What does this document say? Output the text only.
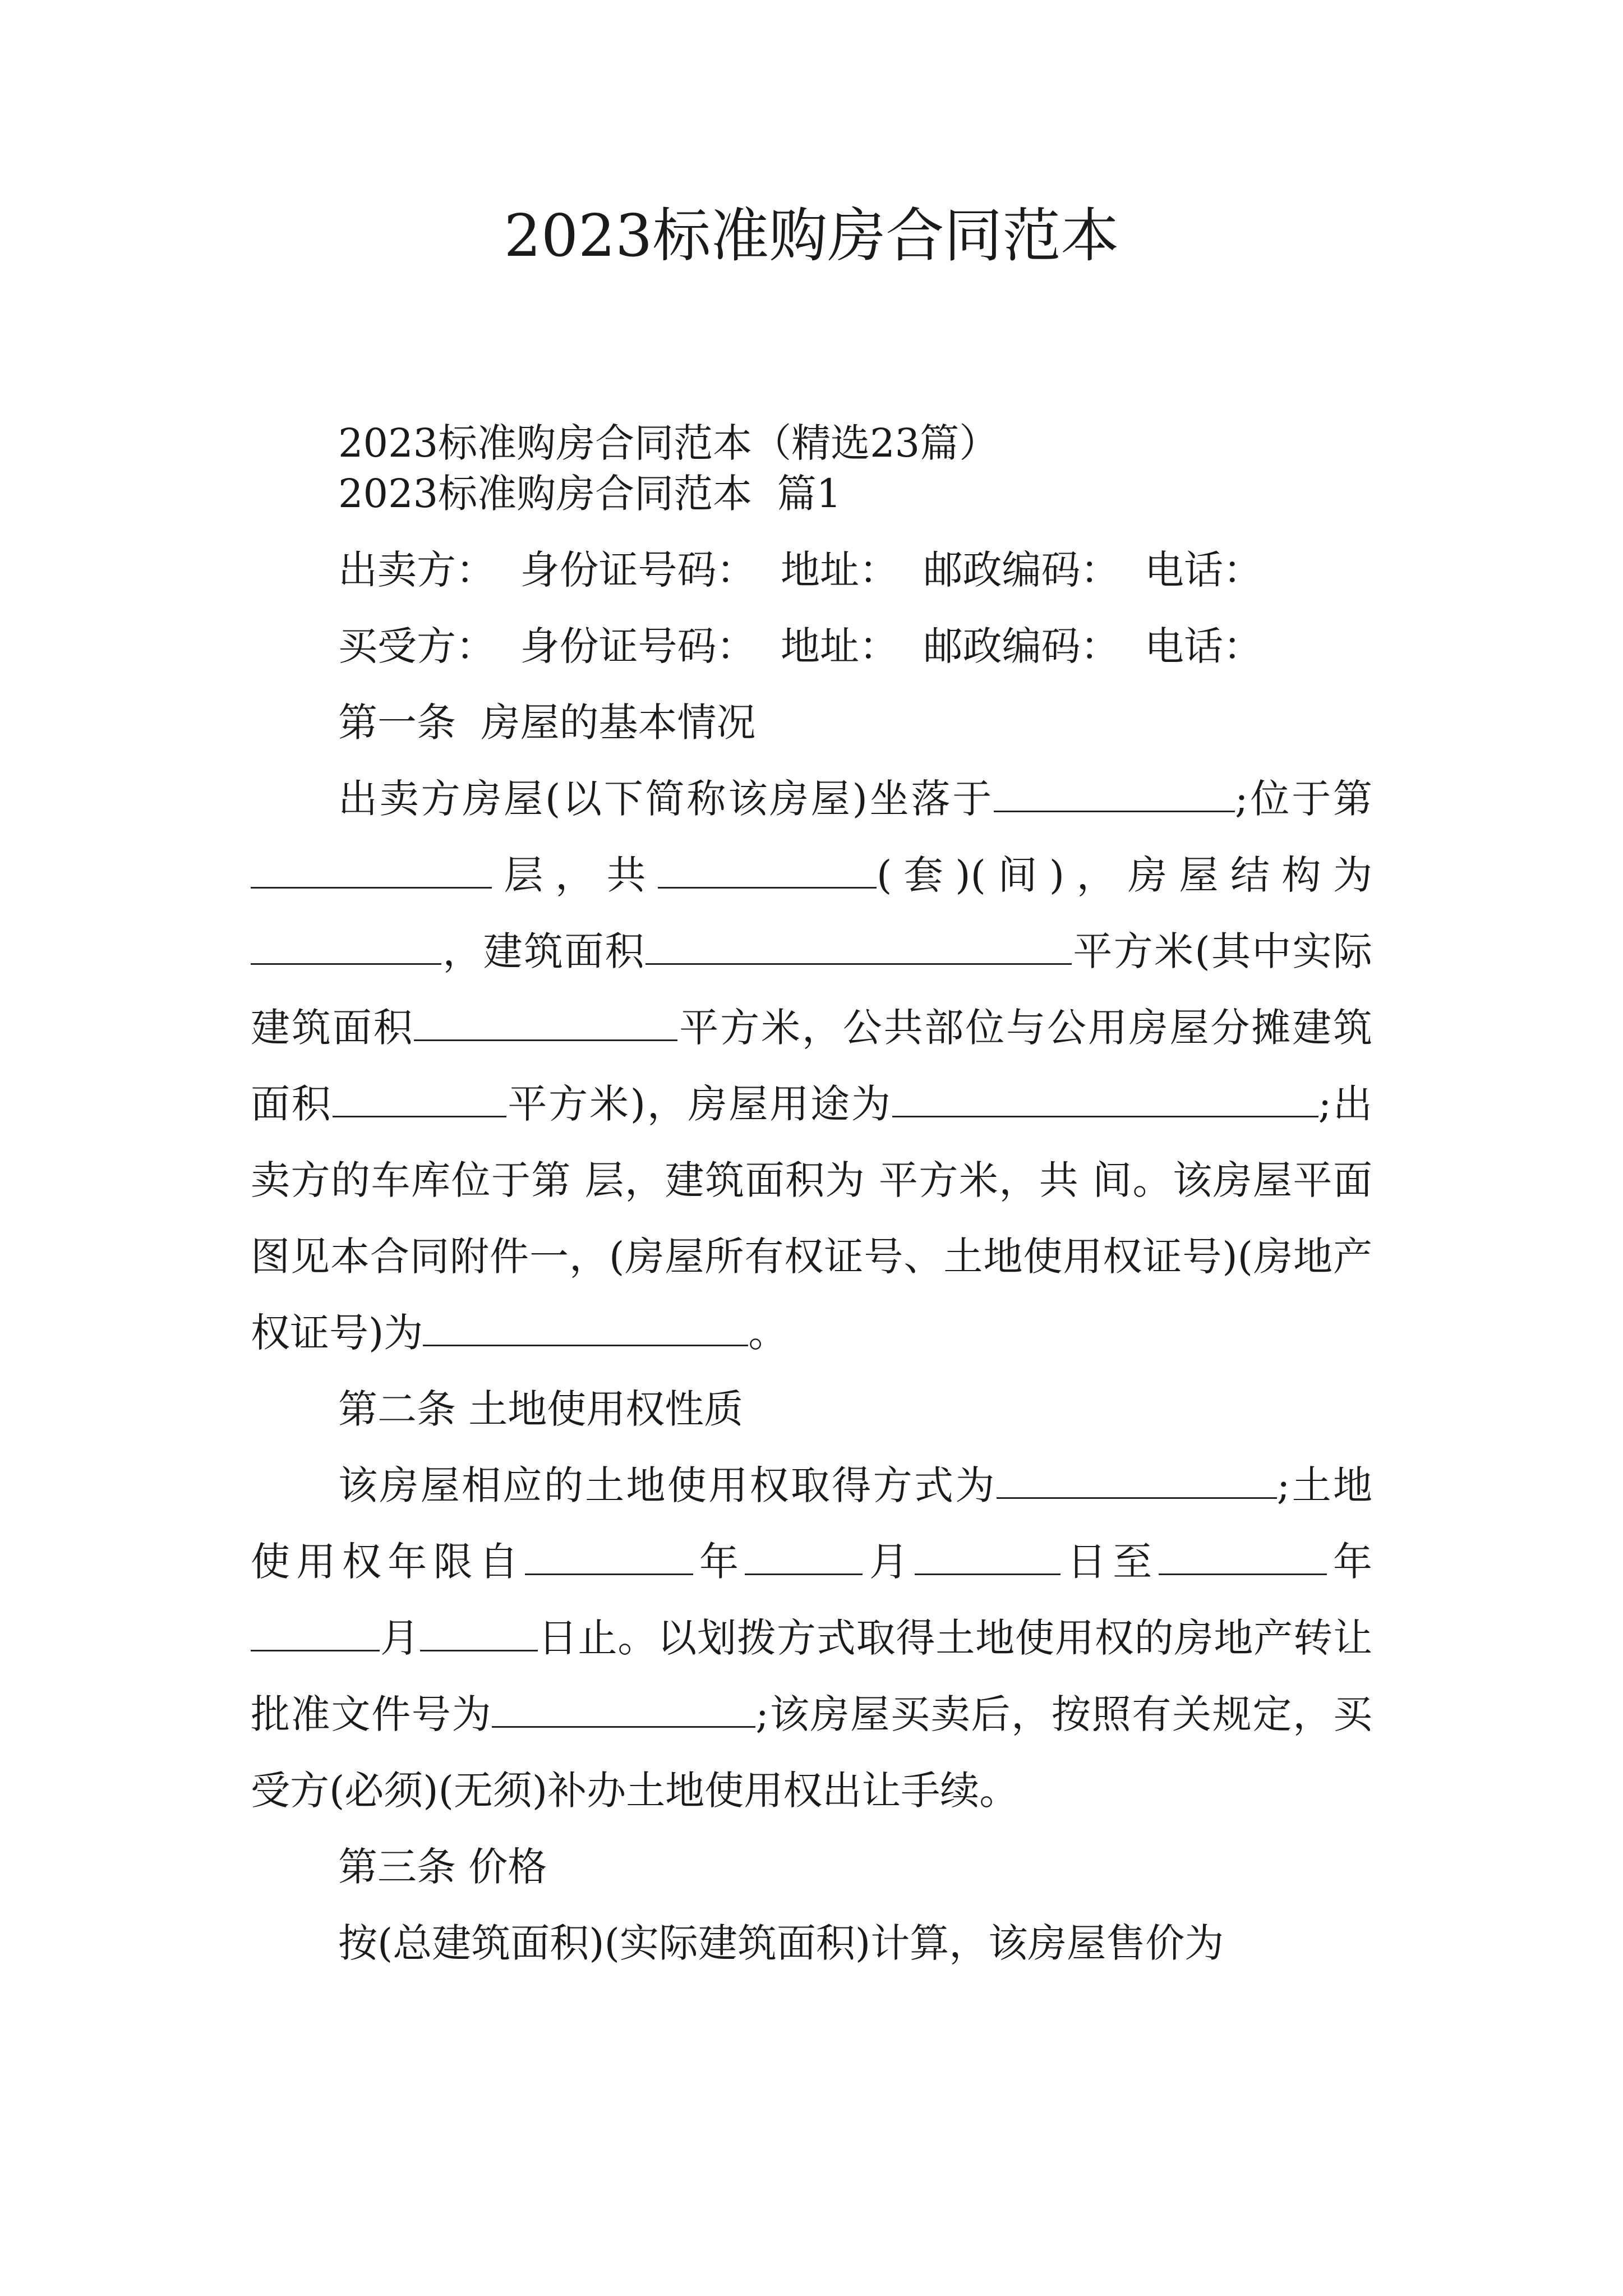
2023标准购房合同范本
2023标准购房合同范本（精选23篇）
2023标准购房合同范本  篇1
出卖方：  身份证号码：  地址：  邮政编码：  电话：
买受方：  身份证号码：  地址：  邮政编码：  电话：
第一条  房屋的基本情况

出卖方房屋(以下简称该房屋)坐落于	;位于第层，共	(套)(间)，房屋结构为，建筑面积	平方米(其中实际建筑面积	平方米，公共部位与公用房屋分摊建筑面积	平方米)，房屋用途为	;出卖方的车库位于第 层，建筑面积为 平方米，共 间。该房屋平面图见本合同附件一，(房屋所有权证号、土地使用权证号)(房地产权证号)为	。

第二条 土地使用权性质

该房屋相应的土地使用权取得方式为	;土地使用权年限自	年	月	日至	年月	日止。以划拨方式取得土地使用权的房地产转让批准文件号为	;该房屋买卖后，按照有关规定，买受方(必须)(无须)补办土地使用权出让手续。

第三条 价格

按(总建筑面积)(实际建筑面积)计算，该房屋售价为
